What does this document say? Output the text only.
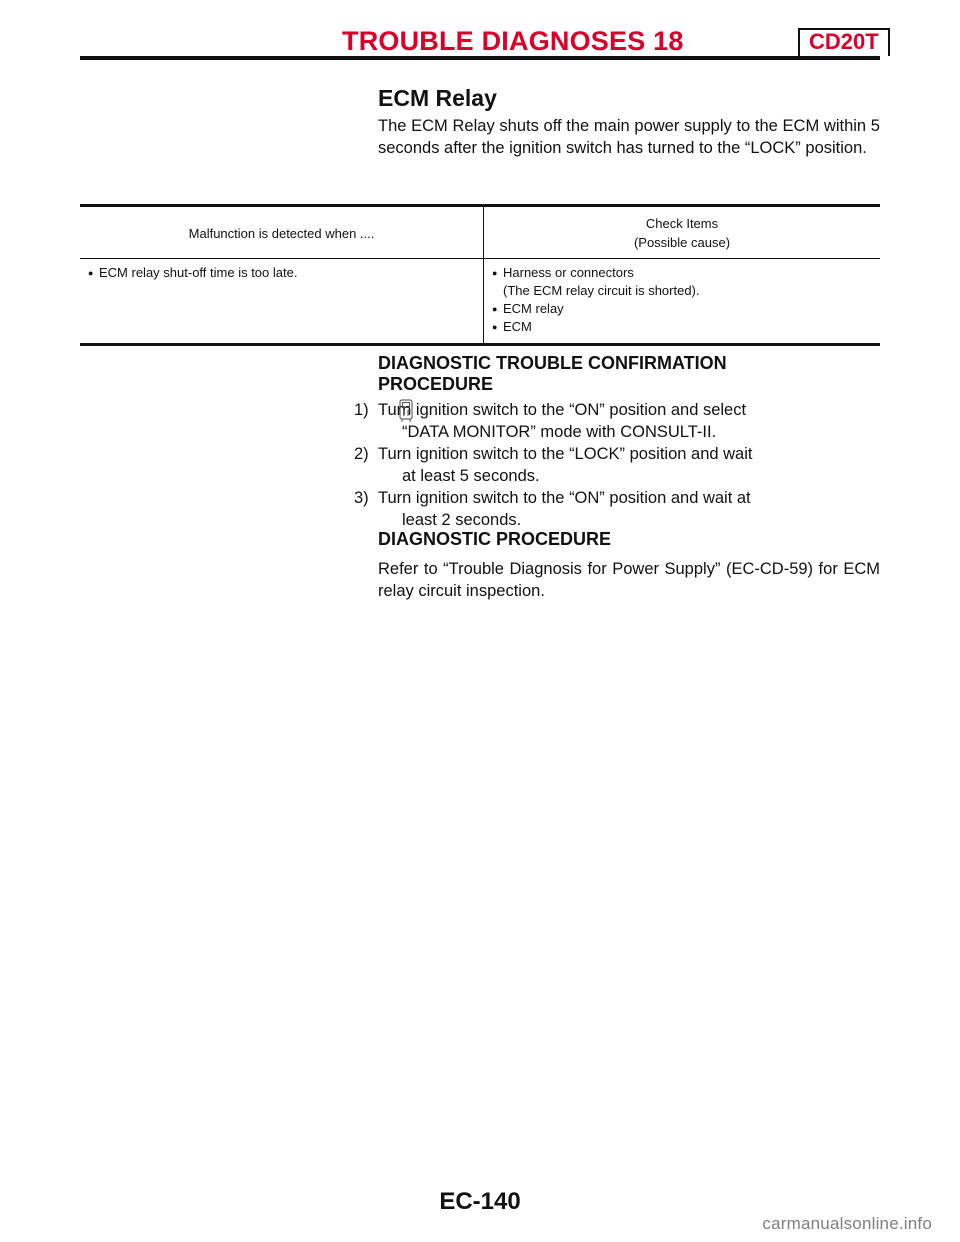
TROUBLE DIAGNOSES 18	CD20T
ECM Relay

The ECM Relay shuts off the main power supply to the ECM within 5 seconds after the ignition switch has turned to the “LOCK” position.

Malfunction is detected when ....	Check Items
(Possible cause)

● ECM relay shut-off time is too late.	● Harness or connectors
(The ECM relay circuit is shorted).
● ECM relay
● ECM
DIAGNOSTIC TROUBLE CONFIRMATION
PROCEDURE
1) Turn ignition switch to the “ON” position and select
“DATA MONITOR” mode with CONSULT-II.
2) Turn ignition switch to the “LOCK” position and wait
at least 5 seconds.
3) Turn ignition switch to the “ON” position and wait at
least 2 seconds.
DIAGNOSTIC PROCEDURE

Refer to “Trouble Diagnosis for Power Supply” (EC-CD-59) for ECM relay circuit inspection.

EC-140
carmanualsonline.info
